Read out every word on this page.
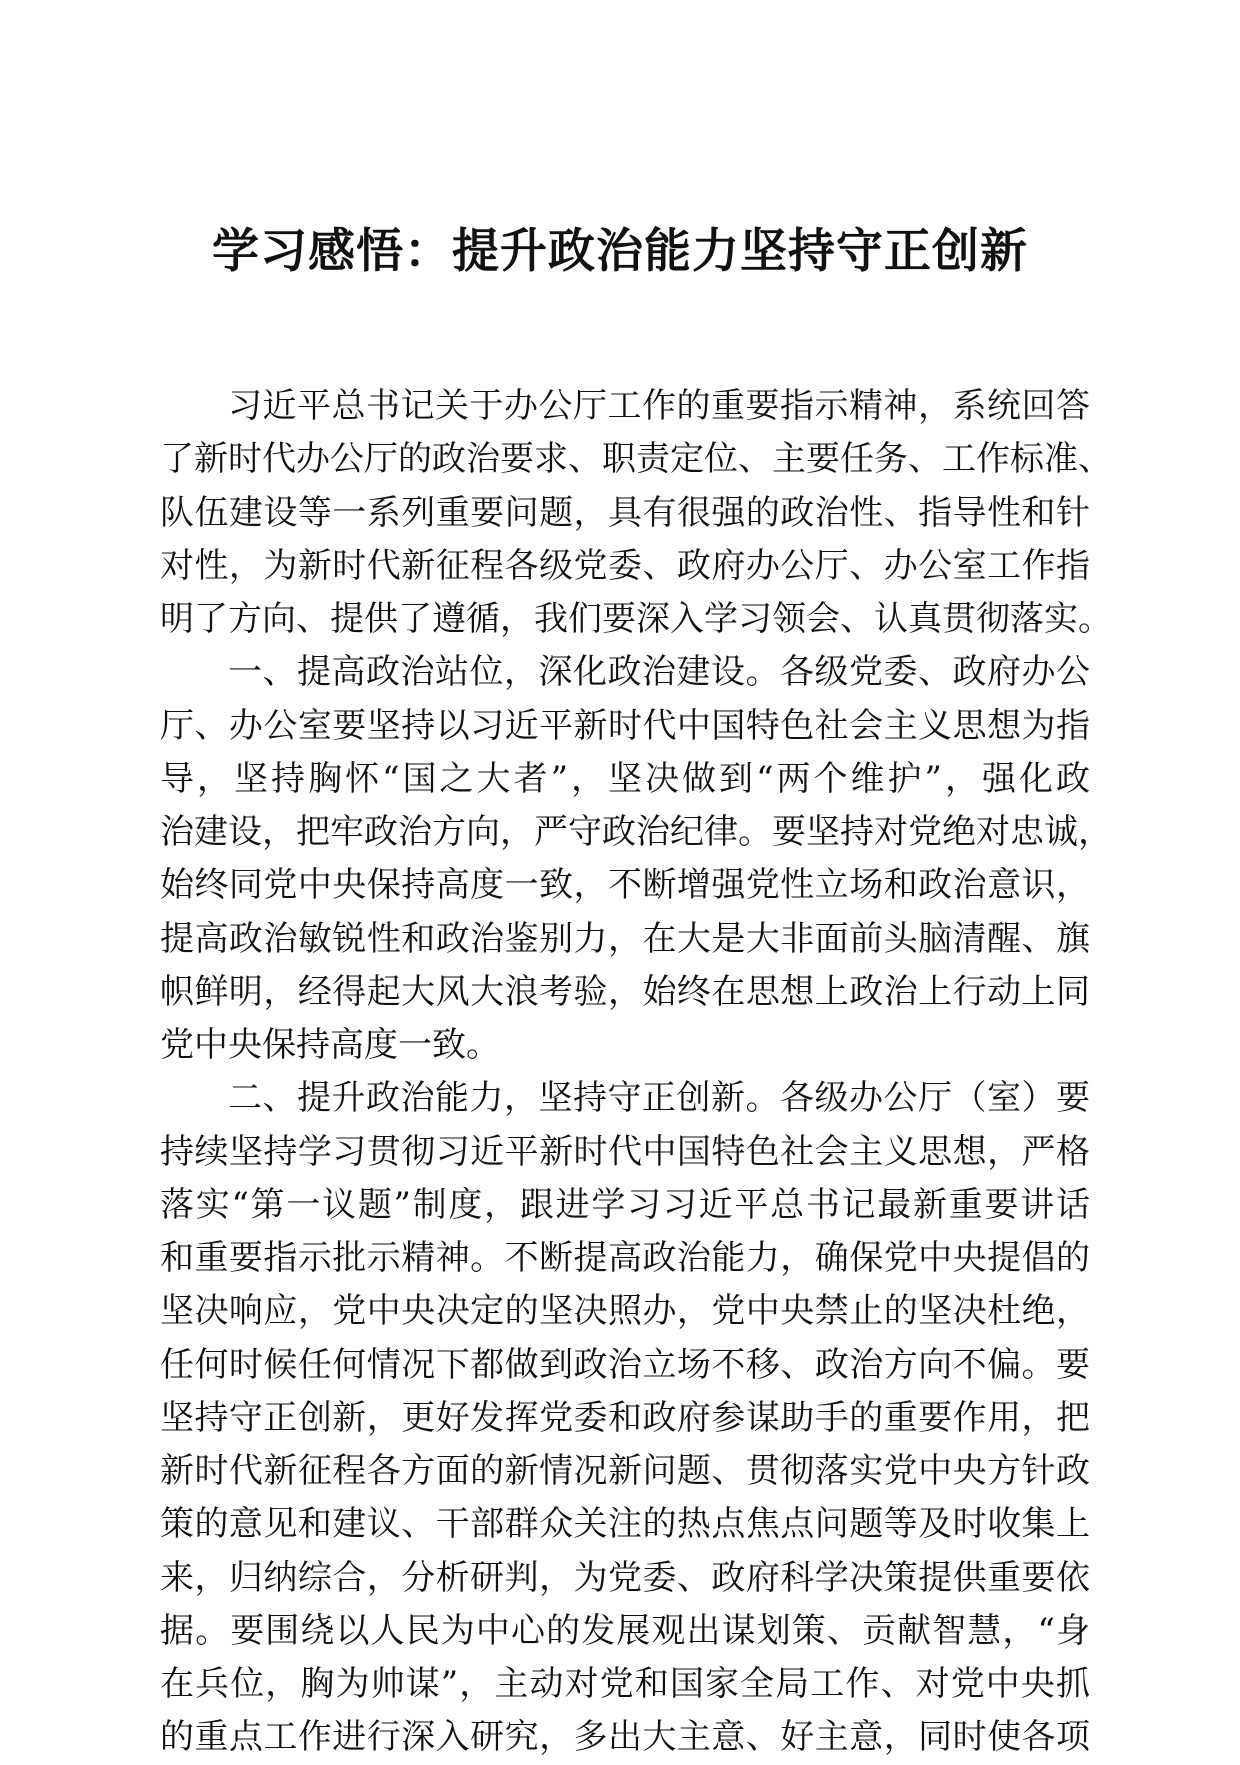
学习感悟：提升政治能力坚持守正创新
习近平总书记关于办公厅工作的重要指示精神，系统回答
了新时代办公厅的政治要求、职责定位、主要任务、工作标准、
队伍建设等一系列重要问题，具有很强的政治性、指导性和针
对性，为新时代新征程各级党委、政府办公厅、办公室工作指
明了方向、提供了遵循，我们要深入学习领会、认真贯彻落实。
一、提高政治站位，深化政治建设。各级党委、政府办公
厅、办公室要坚持以习近平新时代中国特色社会主义思想为指
导，坚持胸怀“国之大者”，坚决做到“两个维护”，强化政
治建设，把牢政治方向，严守政治纪律。要坚持对党绝对忠诚，
始终同党中央保持高度一致，不断增强党性立场和政治意识，
提高政治敏锐性和政治鉴别力，在大是大非面前头脑清醒、旗
帜鲜明，经得起大风大浪考验，始终在思想上政治上行动上同
党中央保持高度一致。
二、提升政治能力，坚持守正创新。各级办公厅（室）要
持续坚持学习贯彻习近平新时代中国特色社会主义思想，严格
落实“第一议题”制度，跟进学习习近平总书记最新重要讲话
和重要指示批示精神。不断提高政治能力，确保党中央提倡的
坚决响应，党中央决定的坚决照办，党中央禁止的坚决杜绝，
任何时候任何情况下都做到政治立场不移、政治方向不偏。要
坚持守正创新，更好发挥党委和政府参谋助手的重要作用，把
新时代新征程各方面的新情况新问题、贯彻落实党中央方针政
策的意见和建议、干部群众关注的热点焦点问题等及时收集上
来，归纳综合，分析研判，为党委、政府科学决策提供重要依
据。要围绕以人民为中心的发展观出谋划策、贡献智慧，“身
在兵位，胸为帅谋”，主动对党和国家全局工作、对党中央抓
的重点工作进行深入研究，多出大主意、好主意，同时使各项
